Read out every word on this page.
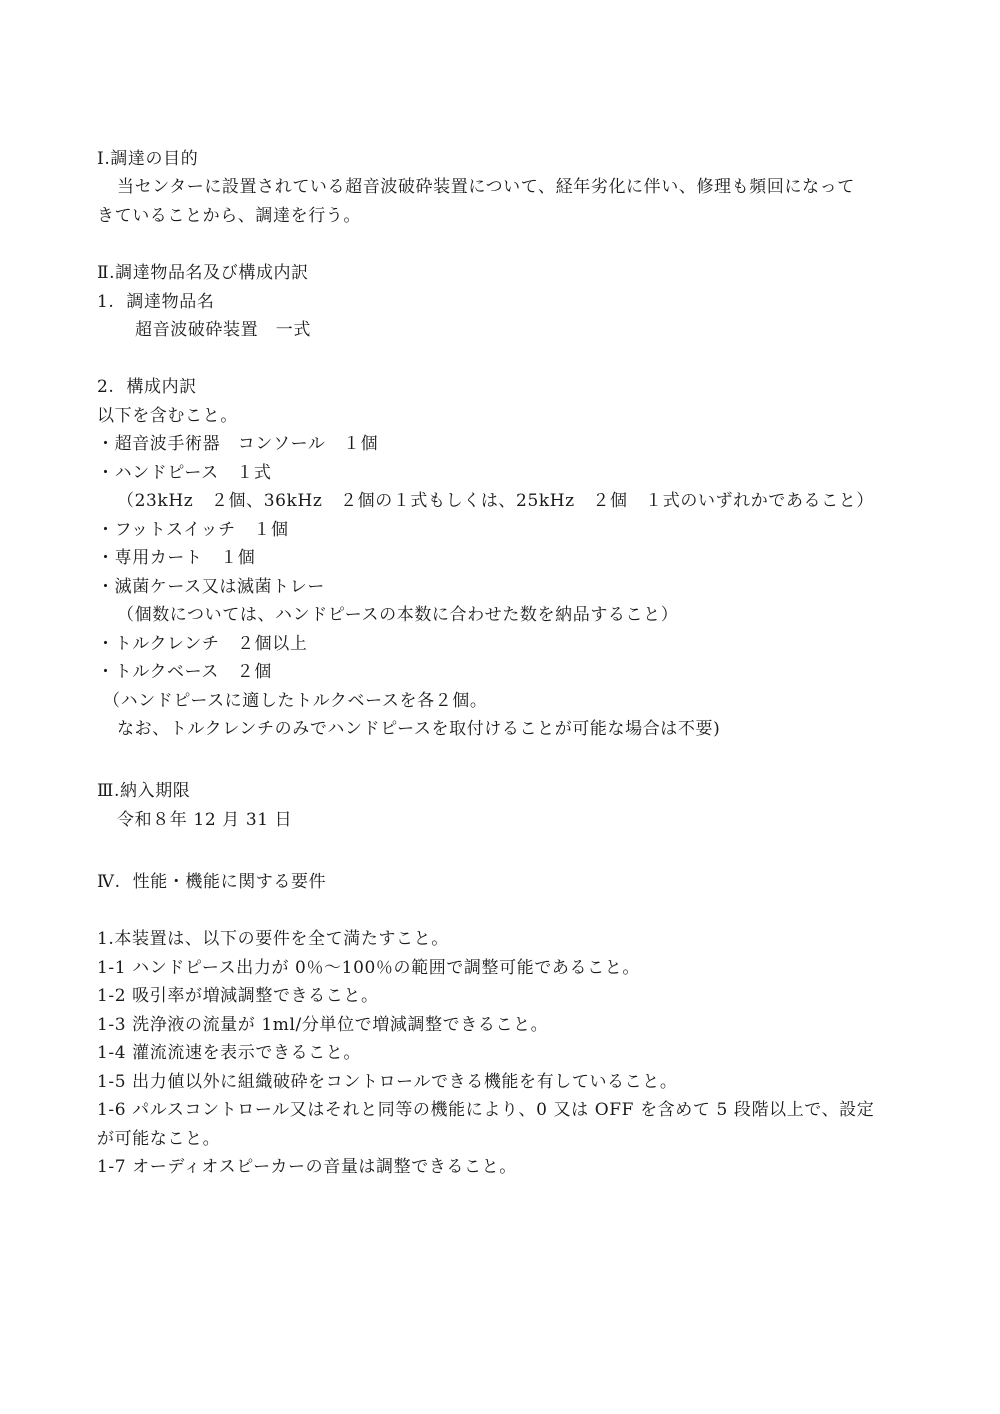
Ⅰ.調達の目的
当センターに設置されている超音波破砕装置について、経年劣化に伴い、修理も頻回になって
きていることから、調達を行う。
Ⅱ.調達物品名及び構成内訳
1.  調達物品名
超音波破砕装置　一式
2.  構成内訳
以下を含むこと。
・超音波手術器　コンソール　１個
・ハンドピース　１式
（23kHz　２個、36kHz　２個の１式もしくは、25kHz　２個　１式のいずれかであること）
・フットスイッチ　１個
・専用カート　１個
・滅菌ケース又は滅菌トレー
（個数については、ハンドピースの本数に合わせた数を納品すること）
・トルクレンチ　２個以上
・トルクベース　２個
（ハンドピースに適したトルクベースを各２個。
なお、トルクレンチのみでハンドピースを取付けることが可能な場合は不要)
Ⅲ.納入期限
令和８年 12 月 31 日
Ⅳ.  性能・機能に関する要件
1.本装置は、以下の要件を全て満たすこと。
1-1 ハンドピース出力が 0％～100％の範囲で調整可能であること。
1-2 吸引率が増減調整できること。
1-3 洗浄液の流量が 1ml/分単位で増減調整できること。
1-4 灌流流速を表示できること。
1-5 出力値以外に組織破砕をコントロールできる機能を有していること。
1-6 パルスコントロール又はそれと同等の機能により、0 又は OFF を含めて 5 段階以上で、設定
が可能なこと。
1-7 オーディオスピーカーの音量は調整できること。
